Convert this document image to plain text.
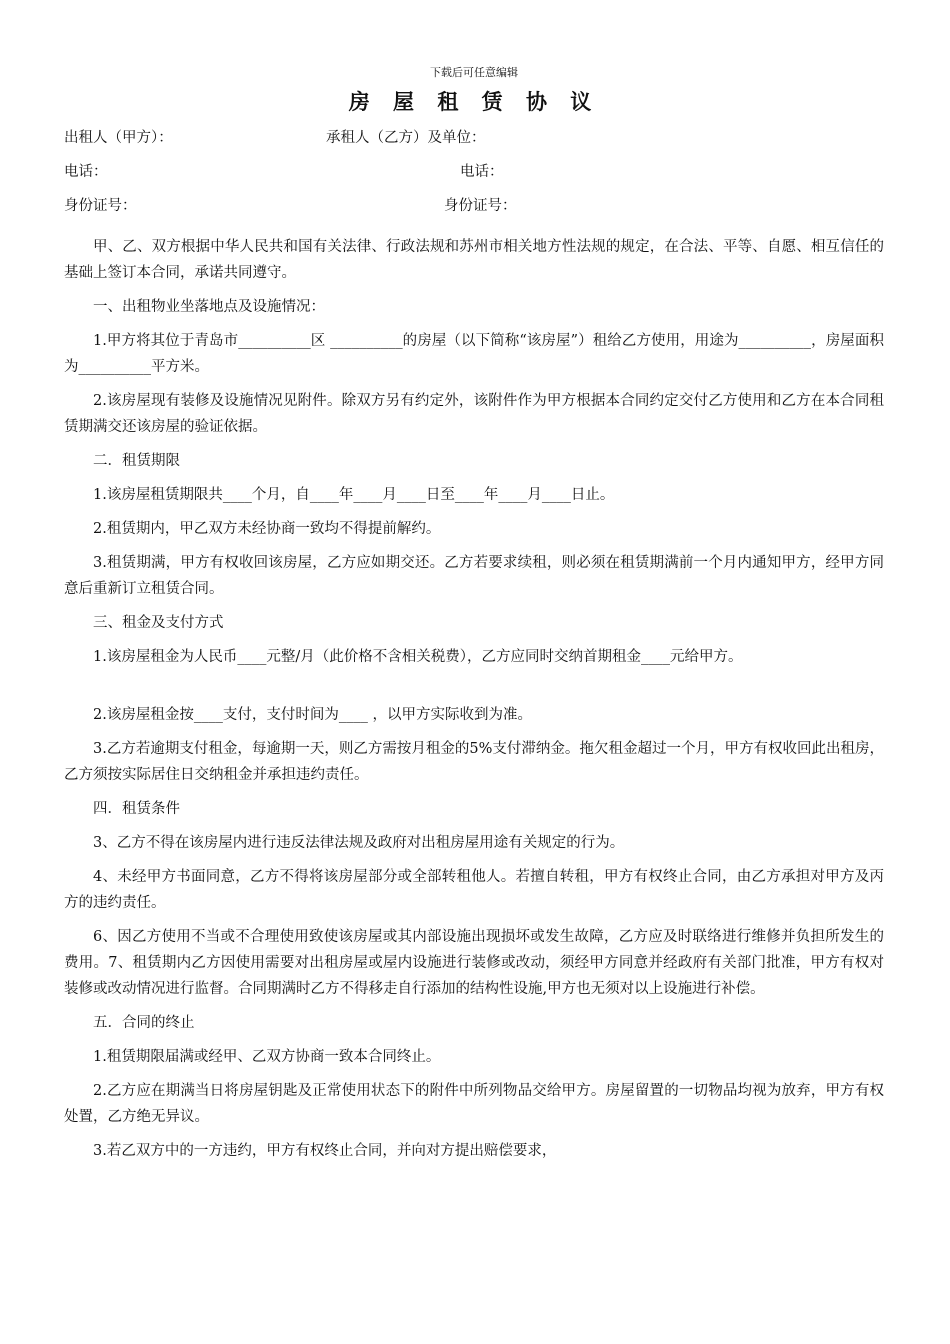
下载后可任意编辑
房 屋 租 赁 协 议
出租人（甲方）：	承租人（乙方）及单位：
电话：	电话：
身份证号：	身份证号：

甲、乙、双方根据中华人民共和国有关法律、行政法规和苏州市相关地方性法规的规定，在合法、平等、自愿、相互信任的基础上签订本合同，承诺共同遵守。

一、出租物业坐落地点及设施情况：

1.甲方将其位于青岛市__________区 __________的房屋（以下简称“该房屋”）租给乙方使用，用途为__________，房屋面积为__________平方米。

2.该房屋现有装修及设施情况见附件。除双方另有约定外，该附件作为甲方根据本合同约定交付乙方使用和乙方在本合同租赁期满交还该房屋的验证依据。

二．租赁期限

1.该房屋租赁期限共____个月，自____年____月____日至____年____月____日止。

2.租赁期内，甲乙双方未经协商一致均不得提前解约。

3.租赁期满，甲方有权收回该房屋，乙方应如期交还。乙方若要求续租，则必须在租赁期满前一个月内通知甲方，经甲方同意后重新订立租赁合同。

三、租金及支付方式

1.该房屋租金为人民币____元整/月（此价格不含相关税费），乙方应同时交纳首期租金____元给甲方。

2.该房屋租金按____支付，支付时间为____ ，以甲方实际收到为准。

3.乙方若逾期支付租金，每逾期一天，则乙方需按月租金的5%支付滞纳金。拖欠租金超过一个月，甲方有权收回此出租房，乙方须按实际居住日交纳租金并承担违约责任。

四．租赁条件

3、乙方不得在该房屋内进行违反法律法规及政府对出租房屋用途有关规定的行为。

4、未经甲方书面同意，乙方不得将该房屋部分或全部转租他人。若擅自转租，甲方有权终止合同，由乙方承担对甲方及丙方的违约责任。

6、因乙方使用不当或不合理使用致使该房屋或其内部设施出现损坏或发生故障，乙方应及时联络进行维修并负担所发生的费用。7、租赁期内乙方因使用需要对出租房屋或屋内设施进行装修或改动，须经甲方同意并经政府有关部门批准，甲方有权对装修或改动情况进行监督。合同期满时乙方不得移走自行添加的结构性设施,甲方也无须对以上设施进行补偿。

五．合同的终止

1.租赁期限届满或经甲、乙双方协商一致本合同终止。

2.乙方应在期满当日将房屋钥匙及正常使用状态下的附件中所列物品交给甲方。房屋留置的一切物品均视为放弃，甲方有权处置，乙方绝无异议。

3.若乙双方中的一方违约，甲方有权终止合同，并向对方提出赔偿要求，
